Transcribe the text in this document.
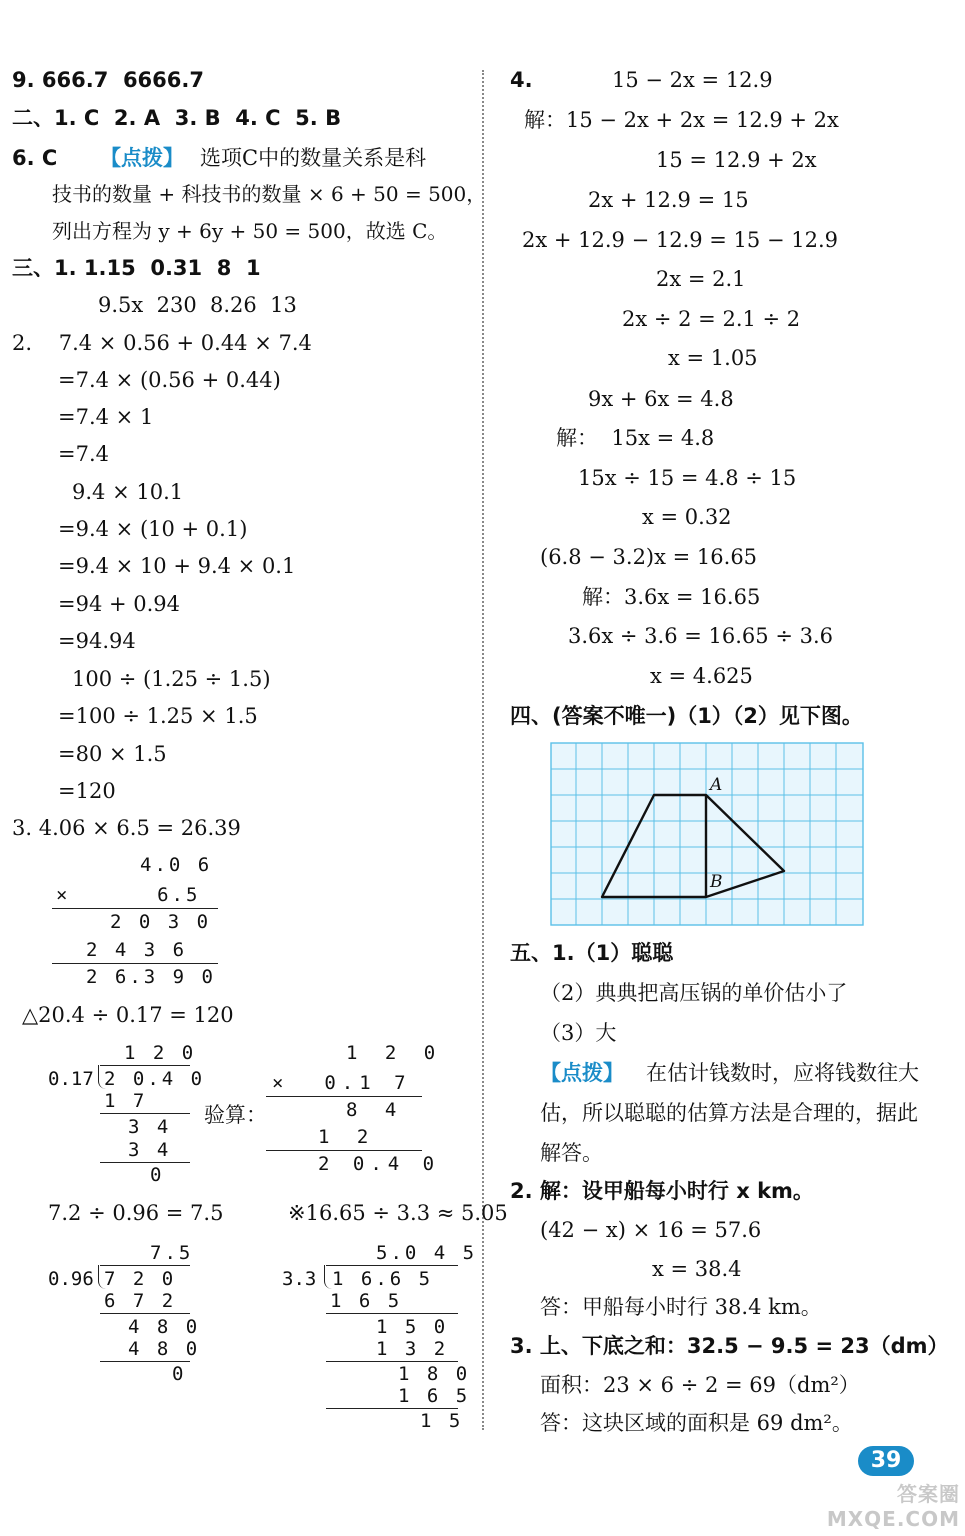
9. 666.7  6666.7
二、1. C  2. A  3. B  4. C  5. B
6. C 【点拨】 选项C中的数量关系是科
技书的数量 + 科技书的数量 × 6 + 50 = 500，
列出方程为 y + 6y + 50 = 500，故选 C。
三、1. 1.15  0.31  8  1
9.5x  230  8.26  13
2.    7.4 × 0.56 + 0.44 × 7.4
=7.4 × (0.56 + 0.44)
=7.4 × 1
=7.4
9.4 × 10.1
=9.4 × (10 + 0.1)
=9.4 × 10 + 9.4 × 0.1
=94 + 0.94
=94.94
100 ÷ (1.25 ÷ 1.5)
=100 ÷ 1.25 × 1.5
=80 × 1.5
=120
3. 4.06 × 6.5 = 26.39
4.0 6
×      6.5
2 0 3 0
2 4 3 6
2 6.3 9 0
△20.4 ÷ 0.17 = 120
1 2 0
0.17 2 0.4 0
1 7
3 4
3 4
0
验算：
1 2 0
×  0.1 7
8 4
1 2
2 0.4 0
7.2 ÷ 0.96 = 7.5	※16.65 ÷ 3.3 ≈ 5.05
7.5
0.96 7 2 0
6 7 2
4 8 0
4 8 0
0
5.0 4 5
3.3 1 6.6 5
1 6 5
1 5 0
1 3 2
1 8 0
1 6 5
1 5
4.	15 − 2x = 12.9
解：15 − 2x + 2x = 12.9 + 2x
15 = 12.9 + 2x
2x + 12.9 = 15
2x + 12.9 − 12.9 = 15 − 12.9
2x = 2.1
2x ÷ 2 = 2.1 ÷ 2
x = 1.05
9x + 6x = 4.8
解：  15x = 4.8
15x ÷ 15 = 4.8 ÷ 15
x = 0.32
(6.8 − 3.2)x = 16.65
解：3.6x = 16.65
3.6x ÷ 3.6 = 16.65 ÷ 3.6
x = 4.625
四、(答案不唯一)（1）（2）见下图。
A
B
五、1.（1）聪聪
（2）典典把高压锅的单价估小了
（3）大
【点拨】 在估计钱数时，应将钱数往大
估，所以聪聪的估算方法是合理的，据此
解答。
2. 解：设甲船每小时行 x km。
(42 − x) × 16 = 57.6
x = 38.4
答：甲船每小时行 38.4 km。
3. 上、下底之和：32.5 − 9.5 = 23（dm）
面积：23 × 6 ÷ 2 = 69（dm²）
答：这块区域的面积是 69 dm²。
39
答案圈 MXQE.COM
